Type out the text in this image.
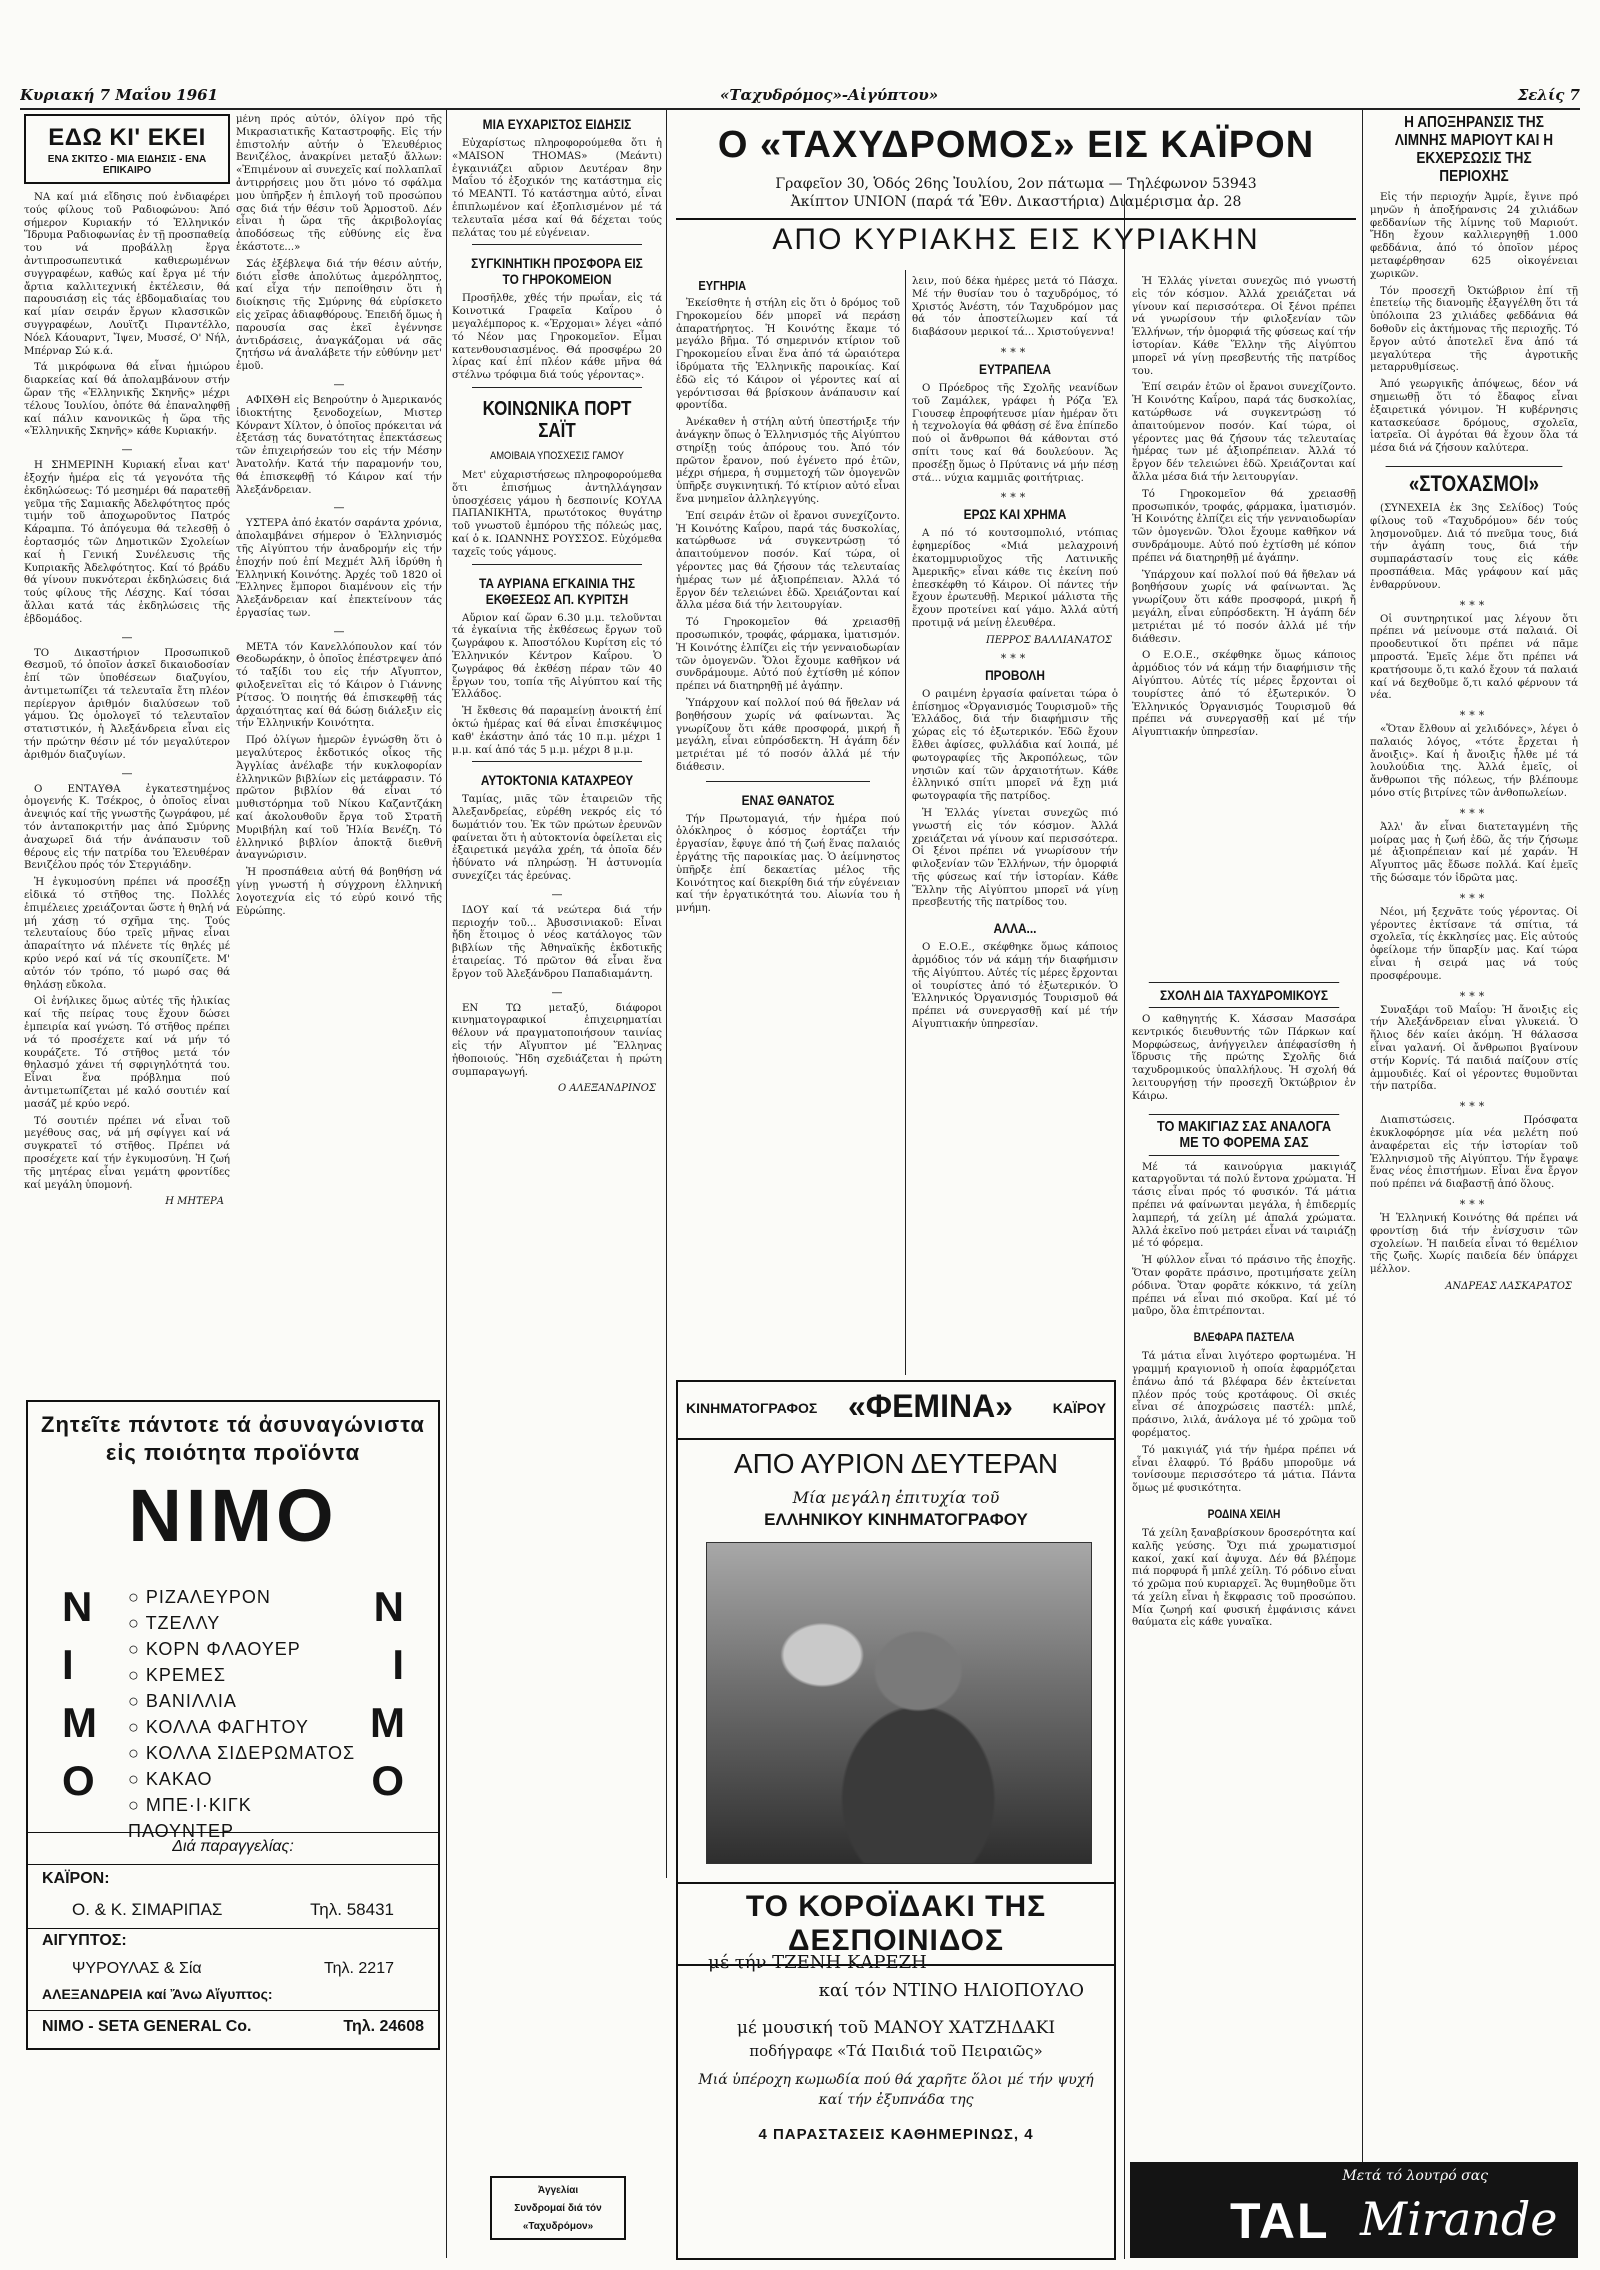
Κυριακή 7 Μαΐου 1961	«Ταχυδρόμος»-Αἰγύπτου»	Σελίς 7
ΕΔΩ ΚΙ' ΕΚΕΙ
ΕΝΑ ΣΚΙΤΣΟ - ΜΙΑ ΕΙΔΗΣΙΣ - ΕΝΑ ΕΠΙΚΑΙΡΟ

ΝΑ καί μιά εἴδησις πού ἐνδιαφέρει τούς φίλους τοῦ Ραδιοφώνου: Ἀπό σήμερον Κυριακήν τό Ἑλληνικόν Ἵδρυμα Ραδιοφωνίας ἐν τῇ προσπαθείᾳ του νά προβάλλῃ ἔργα ἀντιπροσωπευτικά καθιερωμένων συγγραφέων, καθώς καί ἔργα μέ τήν ἄρτια καλλιτεχνική ἐκτέλεσιν, θά παρουσιάσῃ εἰς τάς ἑβδομαδιαίας του καί μίαν σειράν ἔργων κλασσικῶν συγγραφέων, Λουϊτζι Πιραντέλλο, Νόελ Κάουαρντ, Ἴψεν, Μυσσέ, Ο' Νήλ, Μπέρναρ Σώ κ.ά.

Τά μικρόφωνα θά εἶναι ἡμιώρου διαρκείας καί θά ἀπολαμβάνουν στήν ὥραν τῆς «Ἑλληνικῆς Σκηνῆς» μέχρι τέλους Ἰουλίου, ὁπότε θά ἐπαναληφθῇ καί πάλιν κανονικῶς ἡ ὥρα τῆς «Ἑλληνικῆς Σκηνῆς» κάθε Κυριακήν.

—

Η ΣΗΜΕΡΙΝΗ Κυριακή εἶναι κατ' ἐξοχήν ἡμέρα εἰς τά γεγονότα τῆς ἐκδηλώσεως: Τό μεσημέρι θά παρατεθῇ γεῦμα τῆς Σαμιακῆς Ἀδελφότητος πρός τιμήν τοῦ ἀποχωροῦντος Πατρός Κάραμπα. Τό ἀπόγευμα θά τελεσθῇ ὁ ἐορτασμός τῶν Δημοτικῶν Σχολείων καί ἡ Γενική Συνέλευσις τῆς Κυπριακῆς Ἀδελφότητος. Καί τό βράδυ θά γίνουν πυκνότεραι ἐκδηλώσεις διά τούς φίλους τῆς Λέσχης. Καί τόσαι ἄλλαι κατά τάς ἐκδηλώσεις τῆς ἑβδομάδος.

—

ΤΟ Δικαστήριον Προσωπικοῦ Θεσμοῦ, τό ὁποῖον ἀσκεῖ δικαιοδοσίαν ἐπί τῶν ὑποθέσεων διαζυγίου, ἀντιμετωπίζει τά τελευταῖα ἔτη πλέον περίεργον ἀριθμόν διαλύσεων τοῦ γάμου. Ὡς ὁμολογεῖ τό τελευταῖον στατιστικόν, ἡ Ἀλεξάνδρεια εἶναι εἰς τήν πρώτην θέσιν μέ τόν μεγαλύτερον ἀριθμόν διαζυγίων.

—

Ο ΕΝΤΑΥΘΑ ἐγκατεστημένος ὁμογενής Κ. Τσέκρος, ὁ ὁποῖος εἶναι ἀνεψιός καί τῆς γνωστῆς ζωγράφου, μέ τόν ἀνταποκριτήν μας ἀπό Σμύρνης ἀναχωρεῖ διά τήν ἀνάπαυσιν τοῦ θέρους εἰς τήν πατρίδα του Ἐλευθέραν Βενιζέλου πρός τόν Στεργιάδην.

Ἡ ἐγκυμοσύνη πρέπει νά προσέξῃ εἰδικά τό στῆθος της. Πολλές ἐπιμέλειες χρειάζονται ὥστε ἡ θηλή νά μή χάσῃ τό σχῆμα της. Τούς τελευταίους δύο τρεῖς μῆνας εἶναι ἀπαραίτητο νά πλένετε τίς θηλές μέ κρύο νερό καί νά τίς σκουπίζετε. Μ' αὐτόν τόν τρόπο, τό μωρό σας θά θηλάσῃ εὔκολα.

Οἱ ἐνήλικες ὅμως αὐτές τῆς ἡλικίας καί τῆς πείρας τους ἔχουν δώσει ἐμπειρία καί γνώση. Τό στῆθος πρέπει νά τό προσέχετε καί νά μήν τό κουράζετε. Τό στῆθος μετά τόν θηλασμό χάνει τή σφριγηλότητά του. Εἶναι ἕνα πρόβλημα πού ἀντιμετωπίζεται μέ καλό σουτιέν καί μασάζ μέ κρύο νερό.

Τό σουτιέν πρέπει νά εἶναι τοῦ μεγέθους σας, νά μή σφίγγει καί νά συγκρατεῖ τό στῆθος. Πρέπει νά προσέχετε καί τήν ἐγκυμοσύνη. Ἡ ζωή τῆς μητέρας εἶναι γεμάτη φροντίδες καί μεγάλη ὑπομονή.

Η ΜΗΤΕΡΑ

μένη πρός αὐτόν, ὀλίγον πρό τῆς Μικρασιατικῆς Καταστροφῆς. Εἰς τήν ἐπιστολήν αὐτήν ὁ Ἐλευθέριος Βενιζέλος, ἀνακρίνει μεταξύ ἄλλων: «Ἐπιμένουν αἱ συνεχεῖς καί πολλαπλαῖ ἀντιρρήσεις μου ὅτι μόνο τό σφάλμα μου ὑπῆρξεν ἡ ἐπιλογή τοῦ προσώπου σας διά τήν θέσιν τοῦ Ἁρμοστοῦ. Δέν εἶναι ἡ ὥρα τῆς ἀκριβολογίας ἀποδόσεως τῆς εὐθύνης εἰς ἕνα ἑκάστοτε...»

Σάς ἐξέβλεψα διά τήν θέσιν αὐτήν, διότι εἶσθε ἀπολύτως ἀμερόληπτος, καί εἶχα τήν πεποίθησιν ὅτι ἡ διοίκησις τῆς Σμύρνης θά εὑρίσκετο εἰς χεῖρας ἀδιαφθόρους. Ἐπειδή ὅμως ἡ παρουσία σας ἐκεῖ ἐγέννησε ἀντιδράσεις, ἀναγκάζομαι νά σᾶς ζητήσω νά ἀναλάβετε τήν εὐθύνην μετ' ἐμοῦ.

—

ΑΦΙΧΘΗ εἰς Βεηρούτην ὁ Ἀμερικανός ἰδιοκτήτης ξενοδοχείων, Μιστερ Κόνραντ Χίλτον, ὁ ὁποῖος πρόκειται νά ἐξετάσῃ τάς δυνατότητας ἐπεκτάσεως τῶν ἐπιχειρήσεών του εἰς τήν Μέσην Ἀνατολήν. Κατά τήν παραμονήν του, θά ἐπισκεφθῇ τό Κάιρον καί τήν Ἀλεξάνδρειαν.

—

ΥΣΤΕΡΑ ἀπό ἑκατόν σαράντα χρόνια, ἀπολαμβάνει σήμερον ὁ Ἑλληνισμός τῆς Αἰγύπτου τήν ἀναδρομήν εἰς τήν ἐποχήν πού ἐπί Μεχμέτ Ἀλῆ ἱδρύθη ἡ Ἑλληνική Κοινότης. Ἀρχές τοῦ 1820 οἱ Ἕλληνες ἔμποροι διαμένουν εἰς τήν Ἀλεξάνδρειαν καί ἐπεκτείνουν τάς ἐργασίας των.

—

ΜΕΤΑ τόν Κανελλόπουλον καί τόν Θεοδωράκην, ὁ ὁποῖος ἐπέστρεψεν ἀπό τό ταξίδι του εἰς τήν Αἴγυπτον, φιλοξενεῖται εἰς τό Κάιρον ὁ Γιάννης Ρίτσος. Ὁ ποιητής θά ἐπισκεφθῇ τάς ἀρχαιότητας καί θά δώσῃ διάλεξιν εἰς τήν Ἑλληνικήν Κοινότητα.

Πρό ὀλίγων ἡμερῶν ἐγνώσθη ὅτι ὁ μεγαλύτερος ἐκδοτικός οἶκος τῆς Ἀγγλίας ἀνέλαβε τήν κυκλοφορίαν ἑλληνικῶν βιβλίων εἰς μετάφρασιν. Τό πρῶτον βιβλίον θά εἶναι τό μυθιστόρημα τοῦ Νίκου Καζαντζάκη καί ἀκολουθοῦν ἔργα τοῦ Στρατῆ Μυριβήλη καί τοῦ Ἠλία Βενέζη. Τό ἑλληνικό βιβλίον ἀποκτᾷ διεθνῆ ἀναγνώρισιν.

Ἡ προσπάθεια αὐτή θά βοηθήσῃ νά γίνῃ γνωστή ἡ σύγχρονη ἑλληνική λογοτεχνία εἰς τό εὐρύ κοινό τῆς Εὐρώπης.

Ζητεῖτε πάντοτε τά ἀσυναγώνιστα
εἰς ποιότητα προϊόντα
ΝΙΜΟ
Ν
Ι
Μ
Ο
Ν
Ι
Μ
Ο
○ ΡΙΖΑΛΕΥΡΟΝ
○ ΤΖΕΛΛΥ
○ ΚΟΡΝ ΦΛΑΟΥΕΡ
○ ΚΡΕΜΕΣ
○ ΒΑΝΙΛΛΙΑ
○ ΚΟΛΛΑ ΦΑΓΗΤΟΥ
○ ΚΟΛΛΑ ΣΙΔΕΡΩΜΑΤΟΣ
○ ΚΑΚΑΟ
○ ΜΠΕ·Ι·ΚΙΓΚ ΠΑΟΥΝΤΕΡ
Διά παραγγελίας:
ΚΑΪΡΟΝ:
Ο. & Κ. ΣΙΜΑΡΙΠΑΣ	Τηλ. 58431
ΑΙΓΥΠΤΟΣ:
ΨΥΡΟΥΛΑΣ & Σία	Τηλ. 2217
ΑΛΕΞΑΝΔΡΕΙΑ καί Ἄνω Αἴγυπτος:
ΝΙΜΟ - SETA GENERAL Co.	Τηλ. 24608
ΜΙΑ ΕΥΧΑΡΙΣΤΟΣ ΕΙΔΗΣΙΣ

Εὐχαρίστως πληροφορούμεθα ὅτι ἡ «MAISON THOMAS» (Μεάντι) ἐγκαινιάζει αὔριον Δευτέραν 8ην Μαΐου τό ἐξοχικόν της κατάστημα εἰς τό ΜΕΑΝΤΙ. Τό κατάστημα αὐτό, εἶναι ἐπιπλωμένον καί ἐξοπλισμένον μέ τά τελευταῖα μέσα καί θά δέχεται τούς πελάτας του μέ εὐγένειαν.

ΣΥΓΚΙΝΗΤΙΚΗ ΠΡΟΣΦΟΡΑ ΕΙΣ ΤΟ ΓΗΡΟΚΟΜΕΙΟΝ

Προσῆλθε, χθές τήν πρωΐαν, εἰς τά Κοινοτικά Γραφεῖα Καΐρου ὁ μεγαλέμπορος κ. «Ἐρχομαι» λέγει «ἀπό τό Νέον μας Γηροκομεῖον. Εἶμαι κατενθουσιασμένος. Θά προσφέρω 20 λίρας καί ἐπί πλέον κάθε μῆνα θά στέλνω τρόφιμα διά τούς γέροντας».

ΚΟΙΝΩΝΙΚΑ ΠΟΡΤ ΣΑΪΤ
ΑΜΟΙΒΑΙΑ ΥΠΟΣΧΕΣΙΣ ΓΑΜΟΥ

Μετ' εὐχαριστήσεως πληροφορούμεθα ὅτι ἐπισήμως ἀντηλλάγησαν ὑποσχέσεις γάμου ἡ δεσποινίς ΚΟΥΛΑ ΠΑΠΑΝΙΚΗΤΑ, πρωτότοκος θυγάτηρ τοῦ γνωστοῦ ἐμπόρου τῆς πόλεώς μας, καί ὁ κ. ΙΩΑΝΝΗΣ ΡΟΥΣΣΟΣ. Εὐχόμεθα ταχεῖς τούς γάμους.

ΤΑ ΑΥΡΙΑΝΑ ΕΓΚΑΙΝΙΑ ΤΗΣ ΕΚΘΕΣΕΩΣ ΑΠ. ΚΥΡΙΤΣΗ

Αὔριον καί ὥραν 6.30 μ.μ. τελοῦνται τά ἐγκαίνια τῆς ἐκθέσεως ἔργων τοῦ ζωγράφου κ. Ἀποστόλου Κυρίτση εἰς τό Ἑλληνικόν Κέντρον Καΐρου. Ὁ ζωγράφος θά ἐκθέσῃ πέραν τῶν 40 ἔργων του, τοπία τῆς Αἰγύπτου καί τῆς Ἑλλάδος.

Ἡ ἔκθεσις θά παραμείνῃ ἀνοικτή ἐπί ὀκτώ ἡμέρας καί θά εἶναι ἐπισκέψιμος καθ' ἑκάστην ἀπό τάς 10 π.μ. μέχρι 1 μ.μ. καί ἀπό τάς 5 μ.μ. μέχρι 8 μ.μ.

ΑΥΤΟΚΤΟΝΙΑ ΚΑΤΑΧΡΕΟΥ

Ταμίας, μιᾶς τῶν ἑταιρειῶν τῆς Ἀλεξανδρείας, εὑρέθη νεκρός εἰς τό δωμάτιόν του. Ἐκ τῶν πρώτων ἐρευνῶν φαίνεται ὅτι ἡ αὐτοκτονία ὀφείλεται εἰς ἐξαιρετικά μεγάλα χρέη, τά ὁποῖα δέν ἠδύνατο νά πληρώσῃ. Ἡ ἀστυνομία συνεχίζει τάς ἐρεύνας.

—

ΙΔΟΥ καί τά νεώτερα διά τήν περιοχήν τοῦ... Ἀβυσσινιακοῦ: Εἶναι ἤδη ἕτοιμος ὁ νέος κατάλογος τῶν βιβλίων τῆς Ἀθηναϊκῆς ἐκδοτικῆς ἑταιρείας. Τό πρῶτον θά εἶναι ἕνα ἔργον τοῦ Ἀλεξάνδρου Παπαδιαμάντη.

—

ΕΝ ΤΩ μεταξύ, διάφοροι κινηματογραφικοί ἐπιχειρηματίαι θέλουν νά πραγματοποιήσουν ταινίας εἰς τήν Αἴγυπτον μέ Ἕλληνας ἠθοποιούς. Ἤδη σχεδιάζεται ἡ πρώτη συμπαραγωγή.

Ο ΑΛΕΞΑΝΔΡΙΝΟΣ
Ἀγγελίαι
Συνδρομαί διά τόν
«Ταχυδρόμον»
Ο «ΤΑΧΥΔΡΟΜΟΣ» ΕΙΣ ΚΑΪΡΟΝ
Γραφεῖον 30, Ὁδός 26ης Ἰουλίου, 2ον πάτωμα — Τηλέφωνον 53943
Ἀκίπτον UNION (παρά τά Ἐθν. Δικαστήρια) Διαμέρισμα ἀρ. 28
ΑΠΟ ΚΥΡΙΑΚΗΣ ΕΙΣ ΚΥΡΙΑΚΗΝ
ΕΥΓΗΡΙΑ

Ἐκείσθητε ἡ στήλη εἰς ὅτι ὁ δρόμος τοῦ Γηροκομείου δέν μπορεῖ νά περάσῃ ἀπαρατήρητος. Ἡ Κοινότης ἔκαμε τό μεγάλο βῆμα. Τό σημερινόν κτίριον τοῦ Γηροκομείου εἶναι ἕνα ἀπό τά ὡραιότερα ἱδρύματα τῆς Ἑλληνικῆς παροικίας. Καί ἐδῶ εἰς τό Κάιρον οἱ γέροντες καί αἱ γερόντισσαι θά βρίσκουν ἀνάπαυσιν καί φροντίδα.

Ἀνέκαθεν ἡ στήλη αὐτή ὑπεστήριξε τήν ἀνάγκην ὅπως ὁ Ἑλληνισμός τῆς Αἰγύπτου στηρίξῃ τούς ἀπόρους του. Ἀπό τόν πρῶτον ἔρανον, πού ἐγένετο πρό ἐτῶν, μέχρι σήμερα, ἡ συμμετοχή τῶν ὁμογενῶν ὑπῆρξε συγκινητική. Τό κτίριον αὐτό εἶναι ἕνα μνημεῖον ἀλληλεγγύης.

Ἐπί σειράν ἐτῶν οἱ ἔρανοι συνεχίζοντο. Ἡ Κοινότης Καΐρου, παρά τάς δυσκολίας, κατώρθωσε νά συγκεντρώσῃ τό ἀπαιτούμενον ποσόν. Καί τώρα, οἱ γέροντες μας θά ζήσουν τάς τελευταίας ἡμέρας των μέ ἀξιοπρέπειαν. Ἀλλά τό ἔργον δέν τελειώνει ἐδῶ. Χρειάζονται καί ἄλλα μέσα διά τήν λειτουργίαν.

Τό Γηροκομεῖον θά χρειασθῇ προσωπικόν, τροφάς, φάρμακα, ἰματισμόν. Ἡ Κοινότης ἐλπίζει εἰς τήν γενναιοδωρίαν τῶν ὁμογενῶν. Ὅλοι ἔχουμε καθῆκον νά συνδράμουμε. Αὐτό πού ἐχτίσθη μέ κόπον πρέπει νά διατηρηθῇ μέ ἀγάπην.

Ὑπάρχουν καί πολλοί πού θά ἤθελαν νά βοηθήσουν χωρίς νά φαίνωνται. Ἄς γνωρίζουν ὅτι κάθε προσφορά, μικρή ἤ μεγάλη, εἶναι εὐπρόσδεκτη. Ἡ ἀγάπη δέν μετριέται μέ τό ποσόν ἀλλά μέ τήν διάθεσιν.

ΕΝΑΣ ΘΑΝΑΤΟΣ

Τήν Πρωτομαγιά, τήν ἡμέρα πού ὁλόκληρος ὁ κόσμος ἑορτάζει τήν ἐργασίαν, ἔφυγε ἀπό τή ζωή ἕνας παλαιός ἐργάτης τῆς παροικίας μας. Ὁ ἀείμνηστος ὑπῆρξε ἐπί δεκαετίας μέλος τῆς Κοινότητος καί διεκρίθη διά τήν εὐγένειαν καί τήν ἐργατικότητά του. Αἰωνία του ἡ μνήμη.

λειν, πού δέκα ἡμέρες μετά τό Πάσχα. Μέ τήν θυσίαν του ὁ ταχυδρόμος, τό Χριστός Ἀνέστη, τόν Ταχυδρόμον μας θά τόν ἀποστείλωμεν καί τά διαβάσουν μερικοί τά... Χριστούγεννα!

***
ΕΥΤΡΑΠΕΛΑ

Ο Πρόεδρος τῆς Σχολῆς νεανίδων τοῦ Ζαμάλεκ, γράφει ἡ Ρόζα Ἐλ Γιουσεφ ἐπροφήτευσε μίαν ἡμέραν ὅτι ἡ τεχνολογία θά φθάσῃ σέ ἕνα ἐπίπεδο πού οἱ ἄνθρωποι θά κάθονται στό σπίτι τους καί θά δουλεύουν. Ἄς προσέξῃ ὅμως ὁ Πρύτανις νά μήν πέσῃ στά... νύχια καμμιᾶς φοιτήτριας.

***
ΕΡΩΣ ΚΑΙ ΧΡΗΜΑ

Α πό τό κουτσομπολιό, ντόπιας ἐφημερίδος «Μιά μελαχροινή ἐκατομμυριοῦχος τῆς Λατινικῆς Ἀμερικῆς» εἶναι κάθε τις ἐκείνη πού ἐπεσκέφθη τό Κάιρον. Οἱ πάντες τήν ἔχουν ἐρωτευθῇ. Μερικοί μάλιστα τῆς ἔχουν προτείνει καί γάμο. Ἀλλά αὐτή προτιμᾷ νά μείνῃ ἐλευθέρα.

ΠΕΡΡΟΣ ΒΑΛΛΙΑΝΑΤΟΣ
***
ΠΡΟΒΟΛΗ

Ο ραιμένη ἐργασία φαίνεται τώρα ὁ ἐπίσημος «Ὀργανισμός Τουρισμοῦ» τῆς Ἑλλάδος, διά τήν διαφήμισιν τῆς χώρας εἰς τό ἐξωτερικόν. Ἐδῶ ἔχουν ἔλθει ἀφίσες, φυλλάδια καί λοιπά, μέ φωτογραφίες τῆς Ἀκροπόλεως, τῶν νησιῶν καί τῶν ἀρχαιοτήτων. Κάθε ἑλληνικό σπίτι μπορεῖ νά ἔχῃ μιά φωτογραφία τῆς πατρίδος.

Ἡ Ἑλλάς γίνεται συνεχῶς πιό γνωστή εἰς τόν κόσμον. Ἀλλά χρειάζεται νά γίνουν καί περισσότερα. Οἱ ξένοι πρέπει νά γνωρίσουν τήν φιλοξενίαν τῶν Ἑλλήνων, τήν ὁμορφιά τῆς φύσεως καί τήν ἱστορίαν. Κάθε Ἕλλην τῆς Αἰγύπτου μπορεῖ νά γίνῃ πρεσβευτής τῆς πατρίδος του.

ΑΛΛΑ...

Ο Ε.Ο.Ε., σκέφθηκε ὅμως κάποιος ἀρμόδιος τόν νά κάμῃ τήν διαφήμισιν τῆς Αἰγύπτου. Αὐτές τίς μέρες ἔρχονται οἱ τουρίστες ἀπό τό ἐξωτερικόν. Ὁ Ἑλληνικός Ὀργανισμός Τουρισμοῦ θά πρέπει νά συνεργασθῇ καί μέ τήν Αἰγυπτιακήν ὑπηρεσίαν.

ΚΙΝΗΜΑΤΟΓΡΑΦΟΣ «ΦΕΜΙΝΑ»	ΚΑΪΡΟΥ
ΑΠΟ ΑΥΡΙΟΝ ΔΕΥΤΕΡΑΝ
Μία μεγάλη ἐπιτυχία τοῦ
ΕΛΛΗΝΙΚΟΥ ΚΙΝΗΜΑΤΟΓΡΑΦΟΥ
ΤΟ ΚΟΡΟΪΔΑΚΙ ΤΗΣ ΔΕΣΠΟΙΝΙΔΟΣ
μέ τήν ΤΖΕΝΗ ΚΑΡΕΖΗ
καί τόν ΝΤΙΝΟ ΗΛΙΟΠΟΥΛΟ
μέ μουσική τοῦ ΜΑΝΟΥ ΧΑΤΖΗΔΑΚΙ
ποδήγραφε «Τά Παιδιά τοῦ Πειραιῶς»
Μιά ὑπέροχη κωμωδία πού θά χαρῆτε ὅλοι μέ τήν ψυχή
καί τήν ἐξυπνάδα της
4 ΠΑΡΑΣΤΑΣΕΙΣ ΚΑΘΗΜΕΡΙΝΩΣ, 4
ΣΧΟΛΗ ΔΙΑ ΤΑΧΥΔΡΟΜΙΚΟΥΣ

Ο καθηγητής Κ. Χάσσαν Μασσάρα κεντρικός διευθυντής τῶν Πάρκων καί Μορφώσεως, ἀνήγγειλεν ἀπέφασίσθη ἡ ἵδρυσις τῆς πρώτης Σχολῆς διά ταχυδρομικούς ὑπαλλήλους. Ἡ σχολή θά λειτουργήσῃ τήν προσεχῆ Ὀκτώβριον ἐν Κάιρω.

ΤΟ ΜΑΚΙΓΙΑΖ ΣΑΣ ΑΝΑΛΟΓΑ ΜΕ ΤΟ ΦΟΡΕΜΑ ΣΑΣ

Μέ τά καινούργια μακιγιάζ καταργοῦνται τά πολύ ἔντονα χρώματα. Ἡ τάσις εἶναι πρός τό φυσικόν. Τά μάτια πρέπει νά φαίνωνται μεγάλα, ἡ ἐπιδερμίς λαμπερή, τά χείλη μέ ἀπαλά χρώματα. Ἀλλά ἐκεῖνο πού μετράει εἶναι νά ταιριάζῃ μέ τό φόρεμα.

Ἡ φύλλον εἶναι τό πράσινο τῆς ἐποχῆς. Ὅταν φορᾶτε πράσινο, προτιμήσατε χείλη ρόδινα. Ὅταν φορᾶτε κόκκινο, τά χείλη πρέπει νά εἶναι πιό σκοῦρα. Καί μέ τό μαῦρο, ὅλα ἐπιτρέπονται.

ΒΛΕΦΑΡΑ ΠΑΣΤΕΛΑ

Τά μάτια εἶναι λιγότερο φορτωμένα. Ἡ γραμμή κραγιονιοῦ ἡ οποία ἐφαρμόζεται ἐπάνω ἀπό τά βλέφαρα δέν ἐκτείνεται πλέον πρός τούς κροτάφους. Οἱ σκιές εἶναι σέ ἀποχρώσεις παστέλ: μπλέ, πράσινο, λιλά, ἀνάλογα μέ τό χρῶμα τοῦ φορέματος.

Τό μακιγιάζ γιά τήν ἡμέρα πρέπει νά εἶναι ἐλαφρύ. Τό βράδυ μποροῦμε νά τονίσουμε περισσότερο τά μάτια. Πάντα ὅμως μέ φυσικότητα.

ΡΟΔΙΝΑ ΧΕΙΛΗ

Τά χείλη ξαναβρίσκουν δροσερότητα καί καλῆς γεύσης. Ὄχι πιά χρωματισμοί κακοί, χακί καί ἀψυχα. Δέν θά βλέπομε πιά πορφυρά ἤ μπλέ χείλη. Τό ρόδινο εἶναι τό χρῶμα πού κυριαρχεῖ. Ἄς θυμηθοῦμε ὅτι τά χείλη εἶναι ἡ ἔκφρασις τοῦ προσώπου. Μία ζωηρή καί φυσική ἐμφάνισις κάνει θαύματα εἰς κάθε γυναῖκα.

Ἡ Ἑλλάς γίνεται συνεχῶς πιό γνωστή εἰς τόν κόσμον. Ἀλλά χρειάζεται νά γίνουν καί περισσότερα. Οἱ ξένοι πρέπει νά γνωρίσουν τήν φιλοξενίαν τῶν Ἑλλήνων, τήν ὁμορφιά τῆς φύσεως καί τήν ἱστορίαν. Κάθε Ἕλλην τῆς Αἰγύπτου μπορεῖ νά γίνῃ πρεσβευτής τῆς πατρίδος του.

Ἐπί σειράν ἐτῶν οἱ ἔρανοι συνεχίζοντο. Ἡ Κοινότης Καΐρου, παρά τάς δυσκολίας, κατώρθωσε νά συγκεντρώσῃ τό ἀπαιτούμενον ποσόν. Καί τώρα, οἱ γέροντες μας θά ζήσουν τάς τελευταίας ἡμέρας των μέ ἀξιοπρέπειαν. Ἀλλά τό ἔργον δέν τελειώνει ἐδῶ. Χρειάζονται καί ἄλλα μέσα διά τήν λειτουργίαν.

Τό Γηροκομεῖον θά χρειασθῇ προσωπικόν, τροφάς, φάρμακα, ἰματισμόν. Ἡ Κοινότης ἐλπίζει εἰς τήν γενναιοδωρίαν τῶν ὁμογενῶν. Ὅλοι ἔχουμε καθῆκον νά συνδράμουμε. Αὐτό πού ἐχτίσθη μέ κόπον πρέπει νά διατηρηθῇ μέ ἀγάπην.

Ὑπάρχουν καί πολλοί πού θά ἤθελαν νά βοηθήσουν χωρίς νά φαίνωνται. Ἄς γνωρίζουν ὅτι κάθε προσφορά, μικρή ἤ μεγάλη, εἶναι εὐπρόσδεκτη. Ἡ ἀγάπη δέν μετριέται μέ τό ποσόν ἀλλά μέ τήν διάθεσιν.

Ο Ε.Ο.Ε., σκέφθηκε ὅμως κάποιος ἀρμόδιος τόν νά κάμῃ τήν διαφήμισιν τῆς Αἰγύπτου. Αὐτές τίς μέρες ἔρχονται οἱ τουρίστες ἀπό τό ἐξωτερικόν. Ὁ Ἑλληνικός Ὀργανισμός Τουρισμοῦ θά πρέπει νά συνεργασθῇ καί μέ τήν Αἰγυπτιακήν ὑπηρεσίαν.

Μετά τό λουτρό σας
TAL Mirande
Η ΑΠΟΞΗΡΑΝΣΙΣ ΤΗΣ ΛΙΜΝΗΣ ΜΑΡΙΟΥΤ ΚΑΙ Η ΕΚΧΕΡΣΩΣΙΣ ΤΗΣ ΠΕΡΙΟΧΗΣ

Εἰς τήν περιοχήν Ἀμρίε, ἔγινε πρό μηνῶν ἡ ἀποξήρανσις 24 χιλιάδων φεδδανίων τῆς λίμνης τοῦ Μαριούτ. Ἤδη ἔχουν καλλιεργηθῇ 1.000 φεδδάνια, ἀπό τό ὁποῖον μέρος μεταφέρθησαν 625 οἰκογένειαι χωρικῶν.

Τόν προσεχῆ Ὀκτώβριον ἐπί τῇ ἐπετείῳ τῆς διανομῆς ἐξαγγέλθη ὅτι τά ὑπόλοιπα 23 χιλιάδες φεδδάνια θά δοθοῦν εἰς ἀκτήμονας τῆς περιοχῆς. Τό ἔργον αὐτό ἀποτελεῖ ἕνα ἀπό τά μεγαλύτερα τῆς ἀγροτικῆς μεταρρυθμίσεως.

Ἀπό γεωργικῆς ἀπόψεως, δέον νά σημειωθῇ ὅτι τό ἔδαφος εἶναι ἐξαιρετικά γόνιμον. Ἡ κυβέρνησις κατασκεύασε δρόμους, σχολεῖα, ἰατρεῖα. Οἱ ἀγρόται θά ἔχουν ὅλα τά μέσα διά νά ζήσουν καλύτερα.

«ΣΤΟΧΑΣΜΟΙ»

(ΣΥΝΕΧΕΙΑ ἐκ 3ης Σελίδος) Τούς φίλους τοῦ «Ταχυδρόμου» δέν τούς λησμονοῦμεν. Διά τό πνεῦμα τους, διά τήν ἀγάπη τους, διά τήν συμπαράστασίν τους εἰς κάθε προσπάθεια. Μᾶς γράφουν καί μᾶς ἐνθαρρύνουν.

***

Οἱ συντηρητικοί μας λέγουν ὅτι πρέπει νά μείνουμε στά παλαιά. Οἱ προοδευτικοί ὅτι πρέπει νά πᾶμε μπροστά. Ἐμεῖς λέμε ὅτι πρέπει νά κρατήσουμε ὅ,τι καλό ἔχουν τά παλαιά καί νά δεχθοῦμε ὅ,τι καλό φέρνουν τά νέα.

***

«Ὅταν ἔλθουν αἱ χελιδόνες», λέγει ὁ παλαιός λόγος, «τότε ἔρχεται ἡ ἄνοιξις». Καί ἡ ἄνοιξις ἦλθε μέ τά λουλούδια της. Ἀλλά ἐμεῖς, οἱ ἄνθρωποι τῆς πόλεως, τήν βλέπουμε μόνο στίς βιτρίνες τῶν ἀνθοπωλείων.

***

Ἀλλ' ἄν εἶναι διατεταγμένη τῆς μοίρας μας ἡ ζωή ἐδῶ, ἄς τήν ζήσωμε μέ ἀξιοπρέπειαν καί μέ χαράν. Ἡ Αἴγυπτος μᾶς ἔδωσε πολλά. Καί ἐμεῖς τῆς δώσαμε τόν ἱδρῶτα μας.

***

Νέοι, μή ξεχνᾶτε τούς γέροντας. Οἱ γέροντες ἐκτίσανε τά σπίτια, τά σχολεῖα, τίς ἐκκλησίες μας. Εἰς αὐτούς ὀφείλομε τήν ὕπαρξίν μας. Καί τώρα εἶναι ἡ σειρά μας νά τούς προσφέρουμε.

***

Συναξάρι τοῦ Μαΐου: Ἡ ἄνοιξις εἰς τήν Ἀλεξάνδρειαν εἶναι γλυκειά. Ὁ ἥλιος δέν καίει ἀκόμη. Ἡ θάλασσα εἶναι γαλανή. Οἱ ἄνθρωποι βγαίνουν στήν Κορνίς. Τά παιδιά παίζουν στίς ἀμμουδιές. Καί οἱ γέροντες θυμοῦνται τήν πατρίδα.

***

Διαπιστώσεις. Πρόσφατα ἐκυκλοφόρησε μία νέα μελέτη πού ἀναφέρεται εἰς τήν ἱστορίαν τοῦ Ἑλληνισμοῦ τῆς Αἰγύπτου. Τήν ἔγραψε ἕνας νέος ἐπιστήμων. Εἶναι ἕνα ἔργον πού πρέπει νά διαβαστῇ ἀπό ὅλους.

***

Ἡ Ἑλληνική Κοινότης θά πρέπει νά φροντίσῃ διά τήν ἐνίσχυσιν τῶν σχολείων. Ἡ παιδεία εἶναι τό θεμέλιον τῆς ζωῆς. Χωρίς παιδεία δέν ὑπάρχει μέλλον.

ΑΝΔΡΕΑΣ ΛΑΣΚΑΡΑΤΟΣ
